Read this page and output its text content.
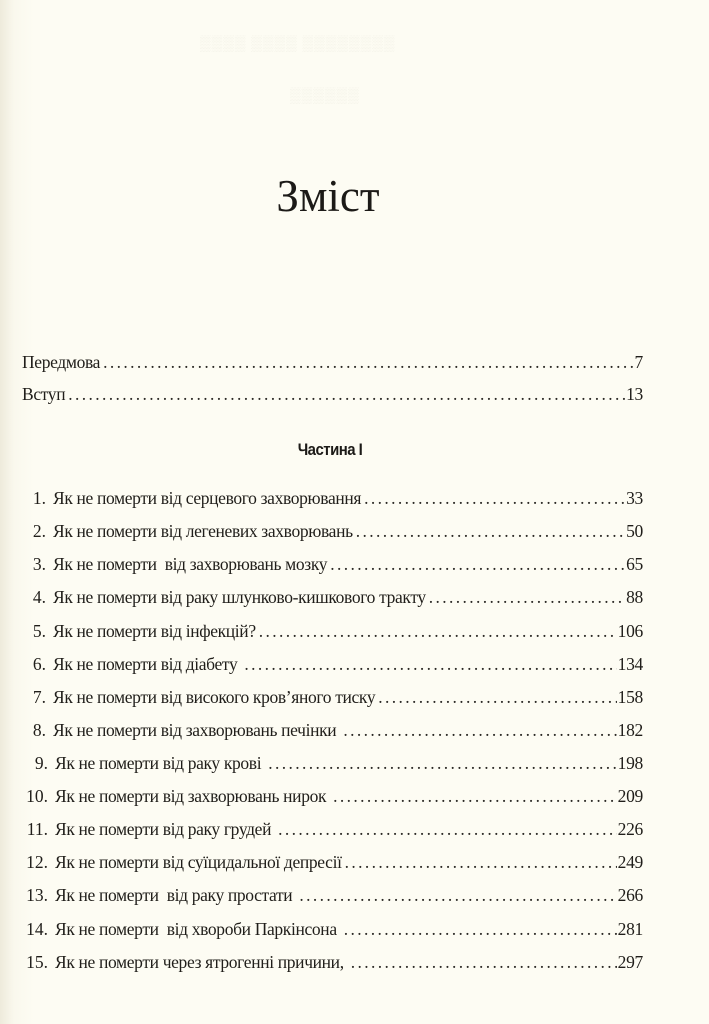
▒▒▒▒ ▒▒▒▒ ▒▒▒▒▒▒▒▒
▒▒▒▒▒▒
Зміст
Передмова . . .	7
Вступ . . .	13
Частина I
1. Як не померти від серцевого захворювання . . .	33
2. Як не померти від легеневих захворювань . . .	50
3. Як не померти  від захворювань мозку . . .	65
4. Як не померти від раку шлунково-кишкового тракту . . .	88
5. Як не померти від інфекцій? . . .	106
6. Як не померти від діабету . . .	134
7. Як не померти від високого кров’яного тиску . . .	158
8. Як не померти від захворювань печінки . . .	182
9. Як не померти від раку крові . . .	198
10. Як не померти від захворювань нирок . . .	209
11. Як не померти від раку грудей . . .	226
12. Як не померти від суїцидальної депресії . . .	249
13. Як не померти  від раку простати . . .	266
14. Як не померти  від хвороби Паркінсона . . .	281
15. Як не померти через ятрогенні причини, . . .	297
